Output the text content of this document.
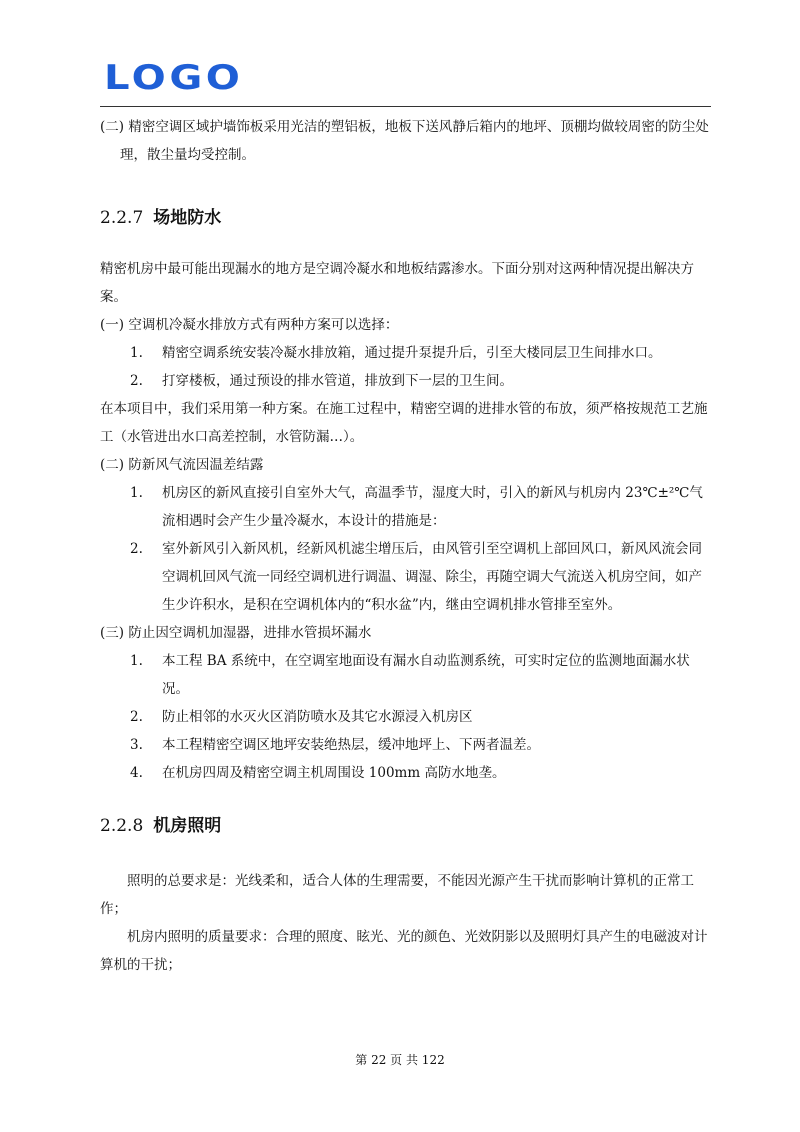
LOGO

(二) 精密空调区域护墙饰板采用光洁的塑铝板，地板下送风静后箱内的地坪、顶棚均做较周密的防尘处理，散尘量均受控制。

2.2.7 场地防水

精密机房中最可能出现漏水的地方是空调冷凝水和地板结露渗水。下面分别对这两种情况提出解决方案。

(一) 空调机冷凝水排放方式有两种方案可以选择：

1.	精密空调系统安装冷凝水排放箱，通过提升泵提升后，引至大楼同层卫生间排水口。
2.	打穿楼板，通过预设的排水管道，排放到下一层的卫生间。

在本项目中，我们采用第一种方案。在施工过程中，精密空调的进排水管的布放，须严格按规范工艺施工（水管进出水口高差控制，水管防漏…）。

(二) 防新风气流因温差结露

1.	机房区的新风直接引自室外大气，高温季节，湿度大时，引入的新风与机房内 23℃±²℃气流相遇时会产生少量冷凝水，本设计的措施是：
2.	室外新风引入新风机，经新风机滤尘增压后，由风管引至空调机上部回风口，新风风流会同空调机回风气流一同经空调机进行调温、调湿、除尘，再随空调大气流送入机房空间，如产生少许积水，是积在空调机体内的“积水盆”内，继由空调机排水管排至室外。

(三) 防止因空调机加湿器，进排水管损坏漏水

1.	本工程 BA 系统中，在空调室地面设有漏水自动监测系统，可实时定位的监测地面漏水状况。
2.	防止相邻的水灭火区消防喷水及其它水源浸入机房区
3.	本工程精密空调区地坪安装绝热层，缓冲地坪上、下两者温差。
4.	在机房四周及精密空调主机周围设 100mm 高防水地垄。
2.2.8 机房照明

照明的总要求是：光线柔和，适合人体的生理需要，不能因光源产生干扰而影响计算机的正常工作；

机房内照明的质量要求：合理的照度、眩光、光的颜色、光效阴影以及照明灯具产生的电磁波对计算机的干扰；

第 22 页 共 122
